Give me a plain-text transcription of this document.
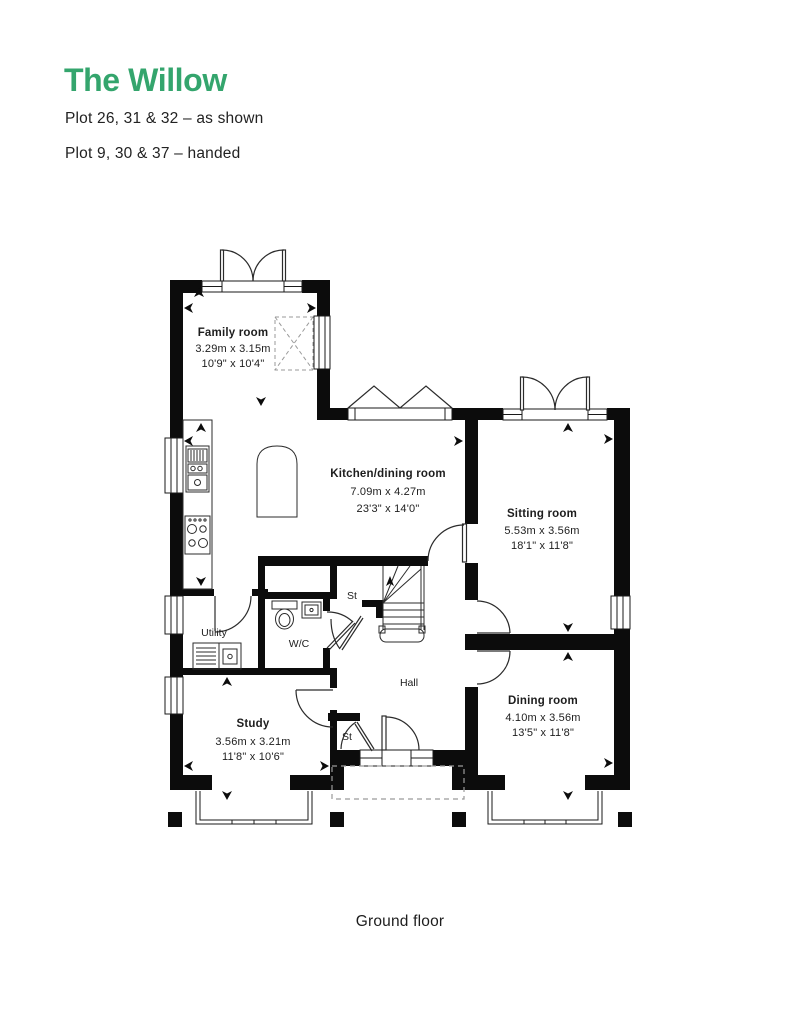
The Willow
Plot 26, 31 & 32 – as shown
Plot 9, 30 & 37 – handed
Family room
3.29m x 3.15m
10'9" x 10'4"
Kitchen/dining room
7.09m x 4.27m
23'3" x 14'0"	Sitting room
5.53m x 3.56m
18'1" x 11'8"
Dining room
4.10m x 3.56m
13'5" x 11'8"
Study
3.56m x 3.21m
11'8" x 10'6"
Utility
W/C
Hall
St
St
Ground floor
